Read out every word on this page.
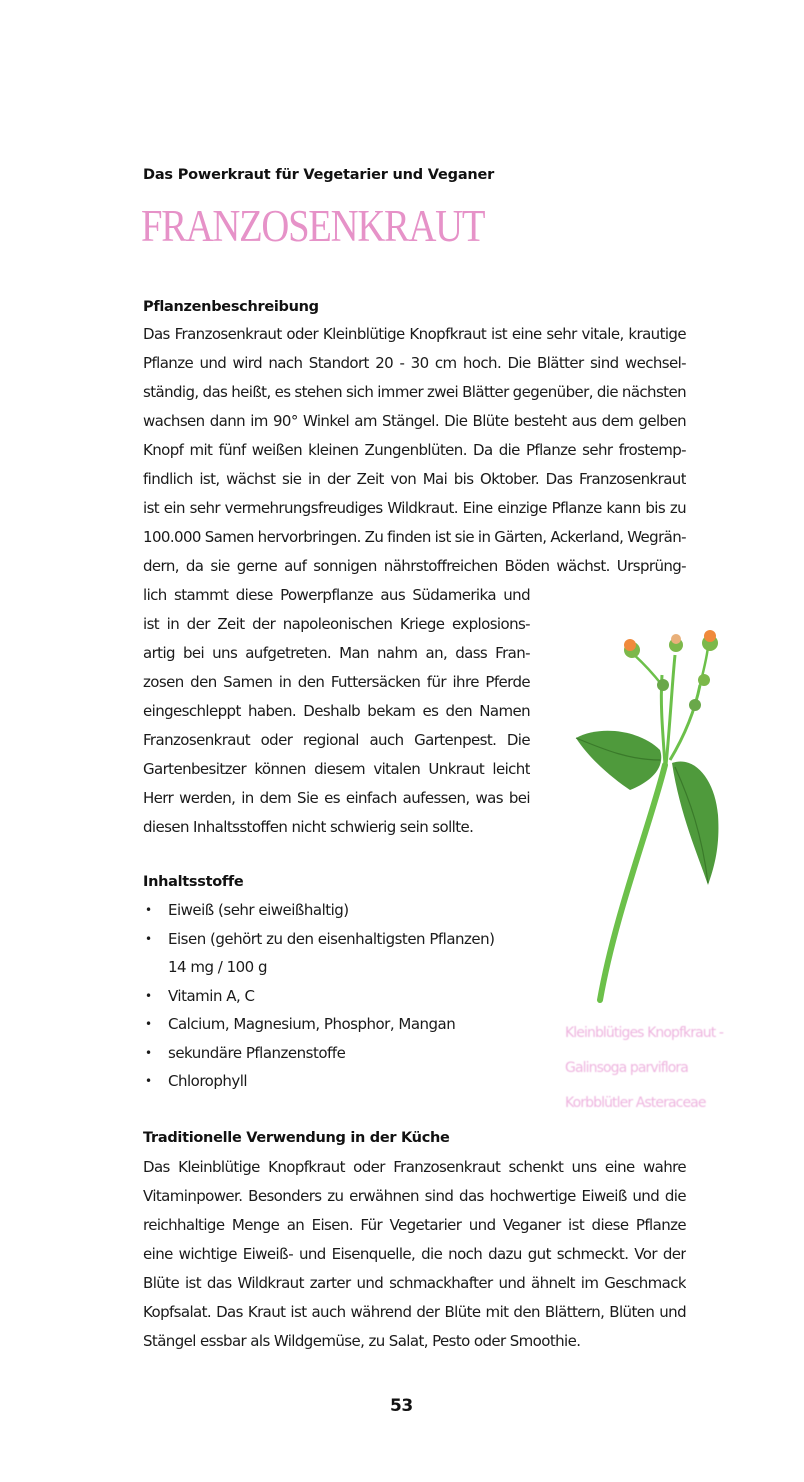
Das Powerkraut für Vegetarier und Veganer
FRANZOSENKRAUT
Pflanzenbeschreibung
Das Franzosenkraut oder Kleinblütige Knopfkraut ist eine sehr vitale, krautige
Pflanze und wird nach Standort 20 - 30 cm hoch. Die Blätter sind wechsel-
ständig, das heißt, es stehen sich immer zwei Blätter gegenüber, die nächsten
wachsen dann im 90° Winkel am Stängel. Die Blüte besteht aus dem gelben
Knopf mit fünf weißen kleinen Zungenblüten. Da die Pflanze sehr frostemp-
findlich ist, wächst sie in der Zeit von Mai bis Oktober. Das Franzosenkraut
ist ein sehr vermehrungsfreudiges Wildkraut. Eine einzige Pflanze kann bis zu
100.000 Samen hervorbringen. Zu finden ist sie in Gärten, Ackerland, Wegrän-
dern, da sie gerne auf sonnigen nährstoffreichen Böden wächst. Ursprüng-
lich stammt diese Powerpflanze aus Südamerika und
ist in der Zeit der napoleonischen Kriege explosions-
artig bei uns aufgetreten. Man nahm an, dass Fran-
zosen den Samen in den Futtersäcken für ihre Pferde
eingeschleppt haben. Deshalb bekam es den Namen
Franzosenkraut oder regional auch Gartenpest. Die
Gartenbesitzer können diesem vitalen Unkraut leicht
Herr werden, in dem Sie es einfach aufessen, was bei
diesen Inhaltsstoffen nicht schwierig sein sollte.
Inhaltsstoffe
• Eiweiß (sehr eiweißhaltig)
• Eisen (gehört zu den eisenhaltigsten Pflanzen)
14 mg / 100 g
• Vitamin A, C
• Calcium, Magnesium, Phosphor, Mangan
• sekundäre Pflanzenstoffe
• Chlorophyll
Kleinblütiges Knopfkraut -
Galinsoga parviflora
Korbblütler Asteraceae
Traditionelle Verwendung in der Küche
Das Kleinblütige Knopfkraut oder Franzosenkraut schenkt uns eine wahre
Vitaminpower. Besonders zu erwähnen sind das hochwertige Eiweiß und die
reichhaltige Menge an Eisen. Für Vegetarier und Veganer ist diese Pflanze
eine wichtige Eiweiß- und Eisenquelle, die noch dazu gut schmeckt. Vor der
Blüte ist das Wildkraut zarter und schmackhafter und ähnelt im Geschmack
Kopfsalat. Das Kraut ist auch während der Blüte mit den Blättern, Blüten und
Stängel essbar als Wildgemüse, zu Salat, Pesto oder Smoothie.
53
